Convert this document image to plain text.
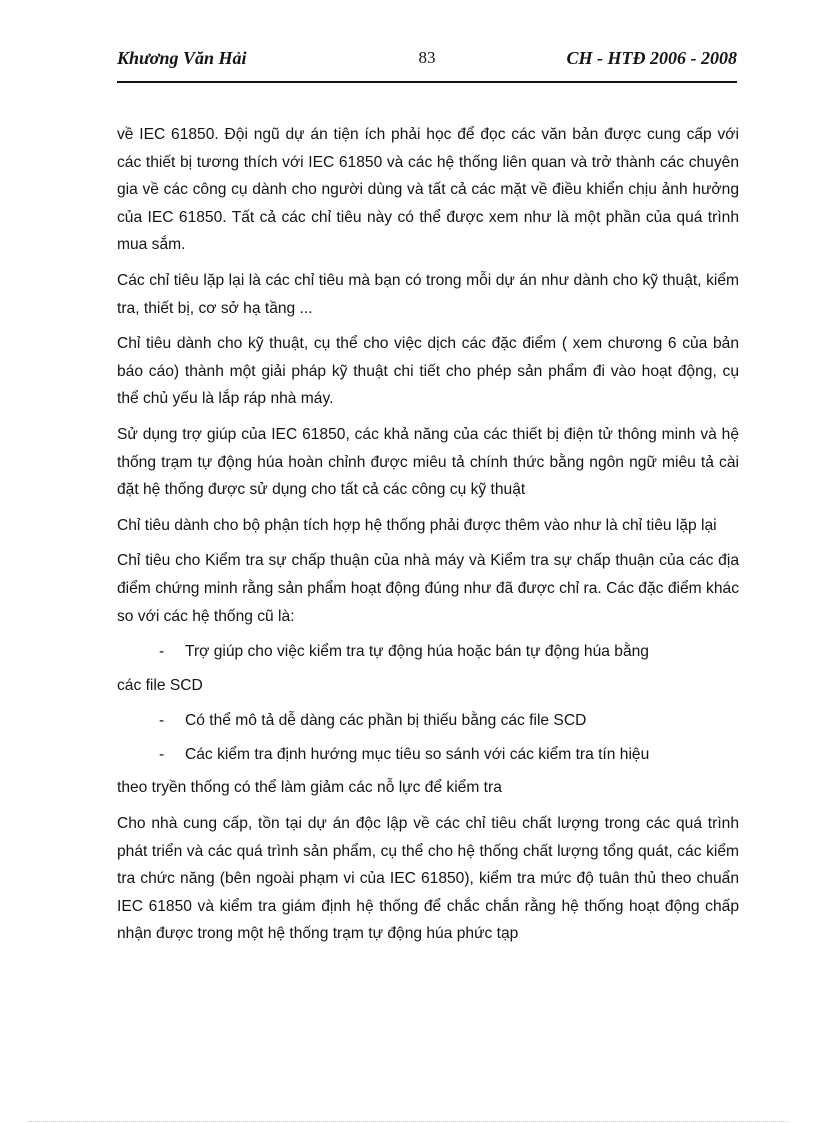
Khương Văn Hải	83	CH - HTĐ 2006 - 2008

về IEC 61850. Đội ngũ dự án tiện ích phải học để đọc các văn bản được cung cấp với các thiết bị tương thích với IEC 61850 và các hệ thống liên quan và trở thành các chuyên gia về các công cụ dành cho người dùng và tất cả các mặt về điều khiển chịu ảnh hưởng của IEC 61850. Tất cả các chỉ tiêu này có thể được xem như là một phần của quá trình mua sắm.

Các chỉ tiêu lặp lại là các chỉ tiêu mà bạn có trong mỗi dự án như dành cho kỹ thuật, kiểm tra, thiết bị, cơ sở hạ tầng ...

Chỉ tiêu dành cho kỹ thuật, cụ thể cho việc dịch các đặc điểm ( xem chương 6 của bản báo cáo) thành một giải pháp kỹ thuật chi tiết cho phép sản phẩm đi vào hoạt động, cụ thể chủ yếu là lắp ráp nhà máy.

Sử dụng trợ giúp của IEC 61850, các khả năng của các thiết bị điện tử thông minh và hệ thống trạm tự động húa hoàn chỉnh được miêu tả chính thức bằng ngôn ngữ miêu tả cài đặt hệ thống được sử dụng cho tất cả các công cụ kỹ thuật

Chỉ tiêu dành cho bộ phận tích hợp hệ thống phải được thêm vào như là chỉ tiêu lặp lại

Chỉ tiêu cho Kiểm tra sự chấp thuận của nhà máy và Kiểm tra sự chấp thuận của các địa điểm chứng minh rằng sản phẩm hoạt động đúng như đã được chỉ ra. Các đặc điểm khác so với các hệ thống cũ là:

- Trợ giúp cho việc kiểm tra tự động húa hoặc bán tự động húa bằng

các file SCD

- Có thể mô tả dễ dàng các phần bị thiếu bằng các file SCD
- Các kiểm tra định hướng mục tiêu so sánh với các kiểm tra tín hiệu

theo tryền thống có thể làm giảm các nỗ lực để kiểm tra

Cho nhà cung cấp, tồn tại dự án độc lập về các chỉ tiêu chất lượng trong các quá trình phát triển và các quá trình sản phẩm, cụ thể cho hệ thống chất lượng tổng quát, các kiểm tra chức năng (bên ngoài phạm vi của IEC 61850), kiểm tra mức độ tuân thủ theo chuẩn IEC 61850 và kiểm tra giám định hệ thống để chắc chắn rằng hệ thống hoạt động chấp nhận được trong một hệ thống trạm tự động húa phức tạp
